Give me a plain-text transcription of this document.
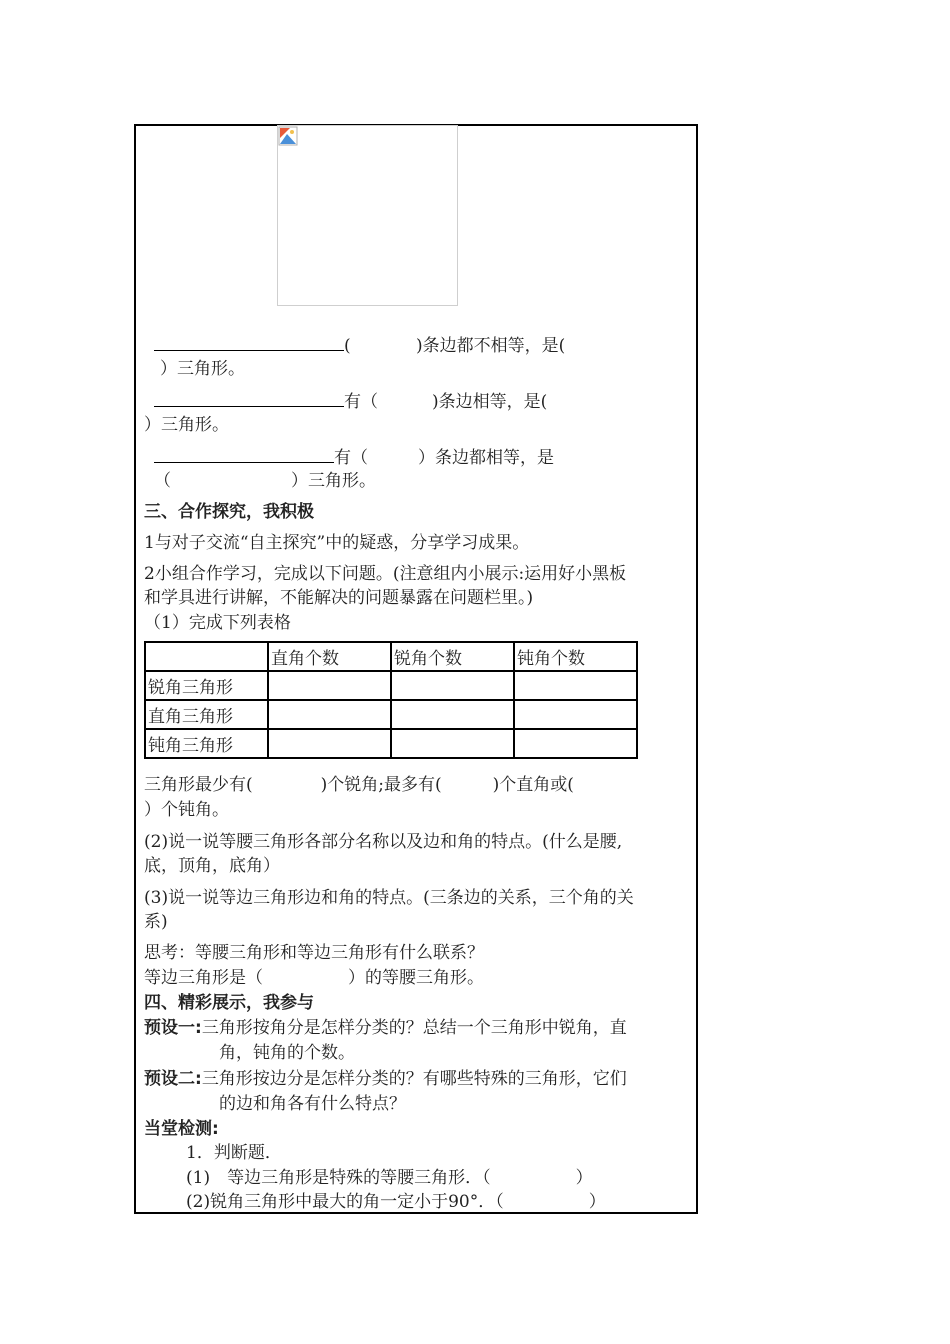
(	)条边都不相等，是(
）三角形。
有（	)条边相等，是(
）三角形。
有（	）条边都相等，是
（	）三角形。
三、合作探究，我积极
1与对子交流“自主探究”中的疑惑，分享学习成果。
2小组合作学习，完成以下问题。(注意组内小展示:运用好小黑板
和学具进行讲解，不能解决的问题暴露在问题栏里。)
（1）完成下列表格
	直角个数	锐角个数	钝角个数
锐角三角形			
直角三角形			
钝角三角形			
三角形最少有(　　　　)个锐角;最多有(　　　)个直角或(
）个钝角。
(2)说一说等腰三角形各部分名称以及边和角的特点。(什么是腰,
底，顶角，底角）
(3)说一说等边三角形边和角的特点。(三条边的关系，三个角的关
系)
思考：等腰三角形和等边三角形有什么联系？
等边三角形是（　　　　　）的等腰三角形。
四、精彩展示，我参与
预设一:三角形按角分是怎样分类的？总结一个三角形中锐角，直
角，钝角的个数。
预设二:三角形按边分是怎样分类的？有哪些特殊的三角形，它们
的边和角各有什么特点？
当堂检测:
1．判断题．
(1)　等边三角形是特殊的等腰三角形．（　　　　　）
(2)锐角三角形中最大的角一定小于90°．（　　　　　）
